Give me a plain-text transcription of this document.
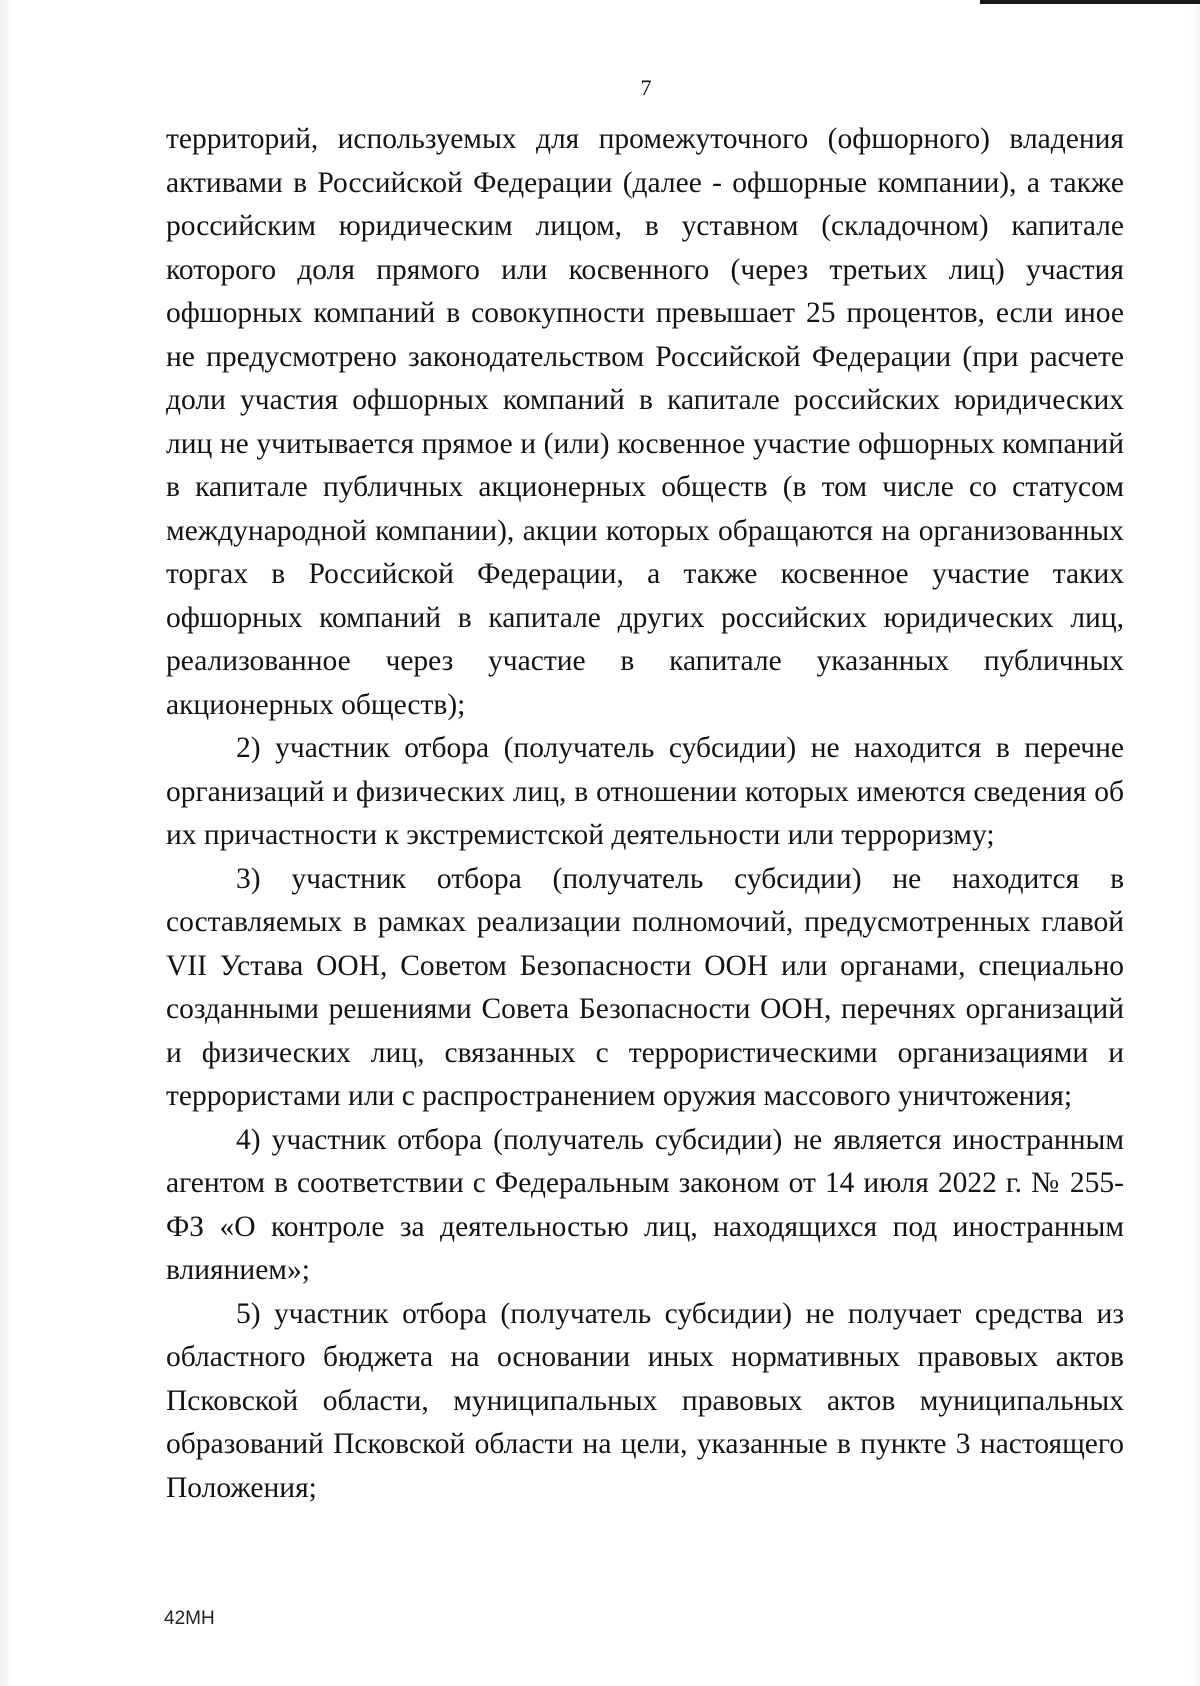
7

территорий, используемых для промежуточного (офшорного) владения активами в Российской Федерации (далее - офшорные компании), а также российским юридическим лицом, в уставном (складочном) капитале которого доля прямого или косвенного (через третьих лиц) участия офшорных компаний в совокупности превышает 25 процентов, если иное не предусмотрено законодательством Российской Федерации (при расчете доли участия офшорных компаний в капитале российских юридических лиц не учитывается прямое и (или) косвенное участие офшорных компаний в капитале публичных акционерных обществ (в том числе со статусом международной компании), акции которых обращаются на организованных торгах в Российской Федерации, а также косвенное участие таких офшорных компаний в капитале других российских юридических лиц, реализованное через участие в капитале указанных публичных акционерных обществ);

2) участник отбора (получатель субсидии) не находится в перечне организаций и физических лиц, в отношении которых имеются сведения об их причастности к экстремистской деятельности или терроризму;

3) участник отбора (получатель субсидии) не находится в составляемых в рамках реализации полномочий, предусмотренных главой VII Устава ООН, Советом Безопасности ООН или органами, специально созданными решениями Совета Безопасности ООН, перечнях организаций и физических лиц, связанных с террористическими организациями и террористами или с распространением оружия массового уничтожения;

4) участник отбора (получатель субсидии) не является иностранным агентом в соответствии с Федеральным законом от 14 июля 2022 г. № 255-ФЗ «О контроле за деятельностью лиц, находящихся под иностранным влиянием»;

5) участник отбора (получатель субсидии) не получает средства из областного бюджета на основании иных нормативных правовых актов Псковской области, муниципальных правовых актов муниципальных образований Псковской области на цели, указанные в пункте 3 настоящего Положения;

42МН
